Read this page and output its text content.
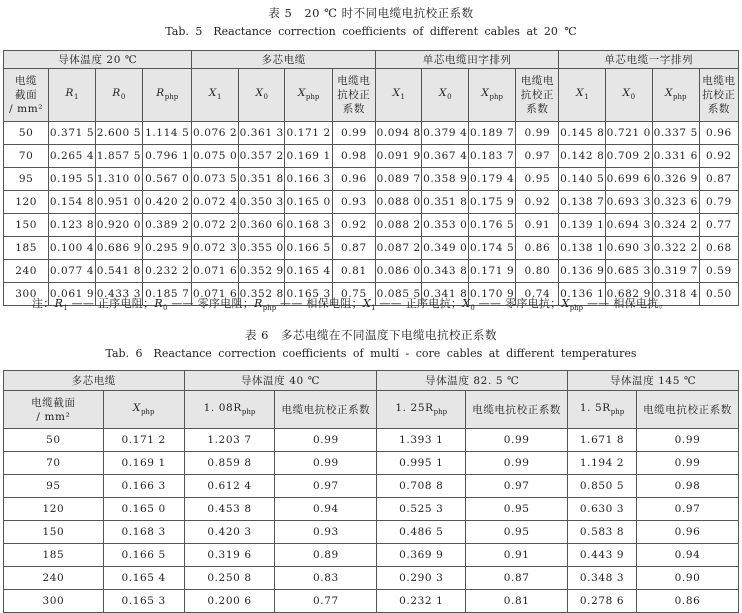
表 5　20 ℃ 时不同电缆电抗校正系数
Tab. 5　Reactance correction coefficients of different cables at 20 ℃
导体温度 20 ℃				多芯电缆				单芯电缆田字排列				单芯电缆一字排列			
电缆
截面
/ mm²	$R_1$	$R_0$	$R_{php}$	$X_1$	$X_0$	$X_{php}$	电缆电
抗校正
系数	$X_1$	$X_0$	$X_{php}$	电缆电
抗校正
系数	$X_1$	$X_0$	$X_{php}$	电缆电
抗校正
系数
50	0.371 5	2.600 5	1.114 5	0.076 2	0.361 3	0.171 2	0.99	0.094 8	0.379 4	0.189 7	0.99	0.145 8	0.721 0	0.337 5	0.96
70	0.265 4	1.857 5	0.796 1	0.075 0	0.357 2	0.169 1	0.98	0.091 9	0.367 4	0.183 7	0.97	0.142 8	0.709 2	0.331 6	0.92
95	0.195 5	1.310 0	0.567 0	0.073 5	0.351 8	0.166 3	0.96	0.089 7	0.358 9	0.179 4	0.95	0.140 5	0.699 6	0.326 9	0.87
120	0.154 8	0.951 0	0.420 2	0.072 4	0.350 3	0.165 0	0.93	0.088 0	0.351 8	0.175 9	0.92	0.138 7	0.693 3	0.323 6	0.79
150	0.123 8	0.920 0	0.389 2	0.072 2	0.360 6	0.168 3	0.92	0.088 2	0.353 0	0.176 5	0.91	0.139 1	0.694 3	0.324 2	0.77
185	0.100 4	0.686 9	0.295 9	0.072 3	0.355 0	0.166 5	0.87	0.087 2	0.349 0	0.174 5	0.86	0.138 1	0.690 3	0.322 2	0.68
240	0.077 4	0.541 8	0.232 2	0.071 6	0.352 9	0.165 4	0.81	0.086 0	0.343 8	0.171 9	0.80	0.136 9	0.685 3	0.319 7	0.59
300	0.061 9	0.433 3	0.185 7	0.071 6	0.352 8	0.165 3	0.75	0.085 5	0.341 8	0.170 9	0.74	0.136 1	0.682 9	0.318 4	0.50
注：$R_1$ —— 正序电阻；$R_0$ —— 零序电阻；$R_{php}$ —— 相保电阻；$X_1$ —— 正序电抗；$X_0$ —— 零序电抗；$X_{php}$ —— 相保电抗。
表 6　多芯电缆在不同温度下电缆电抗校正系数
Tab. 6　Reactance correction coefficients of multi - core cables at different temperatures
多芯电缆		导体温度 40 ℃		导体温度 82. 5 ℃		导体温度 145 ℃	
电缆截面
/ mm²	$X_{php}$	1. $08R_{php}$	电缆电抗校正系数	1. $25R_{php}$	电缆电抗校正系数	1. $5R_{php}$	电缆电抗校正系数
50	0.171 2	1.203 7	0.99	1.393 1	0.99	1.671 8	0.99
70	0.169 1	0.859 8	0.99	0.995 1	0.99	1.194 2	0.99
95	0.166 3	0.612 4	0.97	0.708 8	0.97	0.850 5	0.98
120	0.165 0	0.453 8	0.94	0.525 3	0.95	0.630 3	0.97
150	0.168 3	0.420 3	0.93	0.486 5	0.95	0.583 8	0.96
185	0.166 5	0.319 6	0.89	0.369 9	0.91	0.443 9	0.94
240	0.165 4	0.250 8	0.83	0.290 3	0.87	0.348 3	0.90
300	0.165 3	0.200 6	0.77	0.232 1	0.81	0.278 6	0.86
